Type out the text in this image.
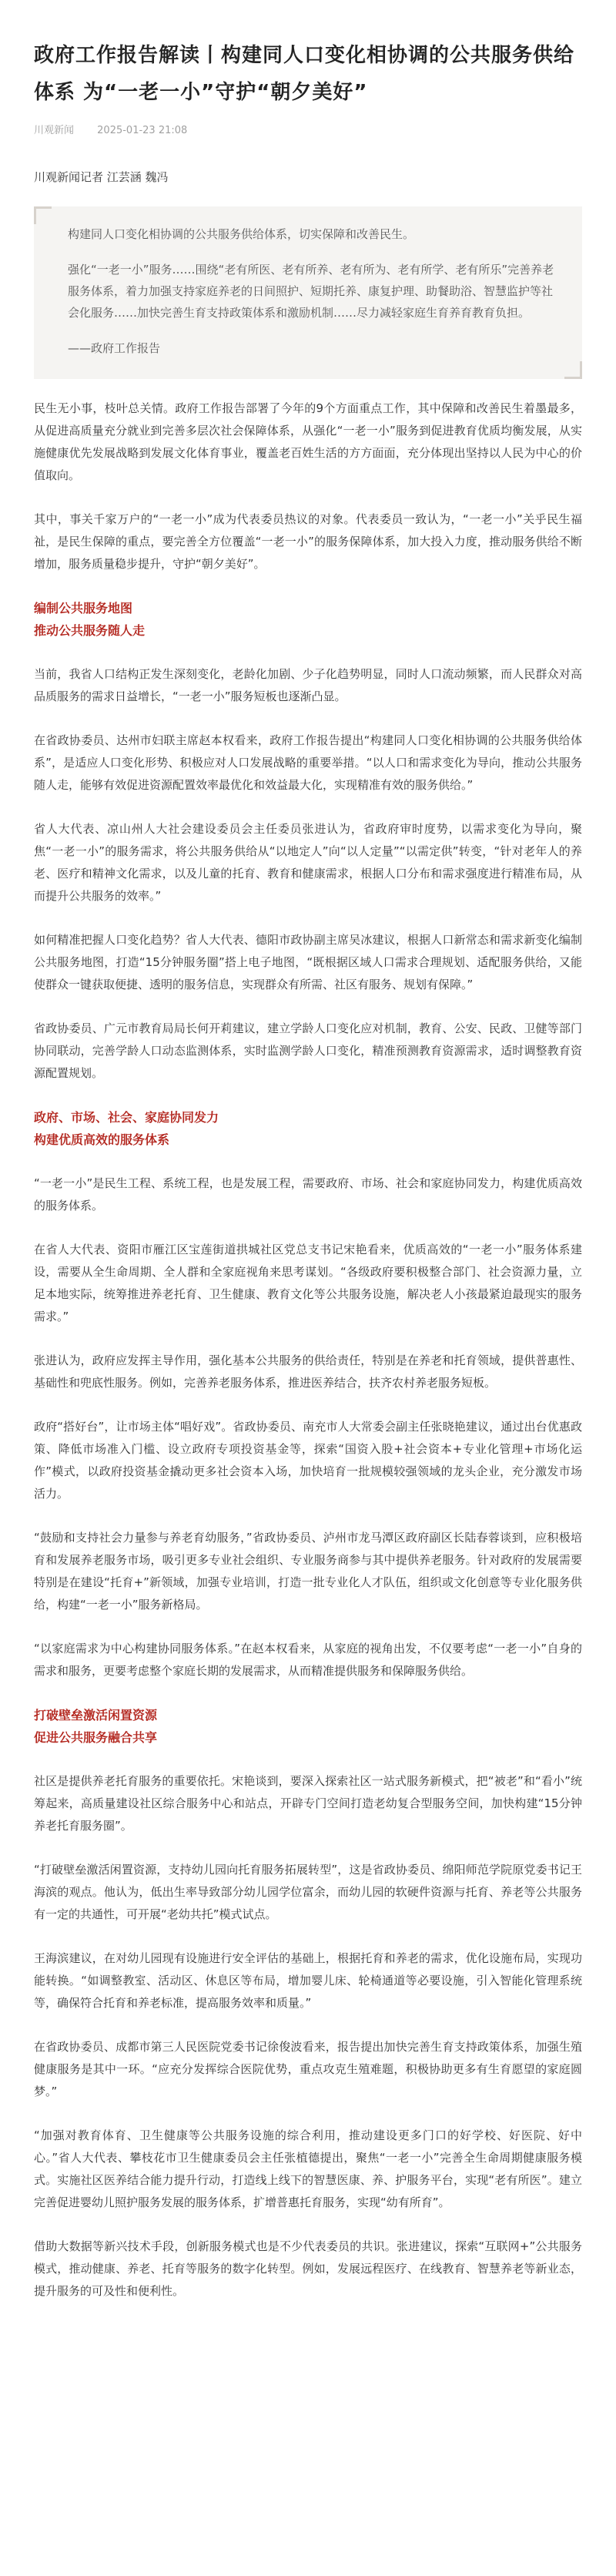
政府工作报告解读丨构建同人口变化相协调的公共服务供给体系 为“一老一小”守护“朝夕美好”
川观新闻 2025-01-23 21:08
川观新闻记者 江芸涵 魏冯

构建同人口变化相协调的公共服务供给体系，切实保障和改善民生。

强化“一老一小”服务……围绕“老有所医、老有所养、老有所为、老有所学、老有所乐”完善养老服务体系，着力加强支持家庭养老的日间照护、短期托养、康复护理、助餐助浴、智慧监护等社会化服务……加快完善生育支持政策体系和激励机制……尽力减轻家庭生育养育教育负担。

——政府工作报告

民生无小事，枝叶总关情。政府工作报告部署了今年的9个方面重点工作，其中保障和改善民生着墨最多，从促进高质量充分就业到完善多层次社会保障体系，从强化“一老一小”服务到促进教育优质均衡发展，从实施健康优先发展战略到发展文化体育事业，覆盖老百姓生活的方方面面，充分体现出坚持以人民为中心的价值取向。

其中，事关千家万户的“一老一小”成为代表委员热议的对象。代表委员一致认为，“一老一小”关乎民生福祉，是民生保障的重点，要完善全方位覆盖“一老一小”的服务保障体系，加大投入力度，推动服务供给不断增加，服务质量稳步提升，守护“朝夕美好”。

编制公共服务地图
推动公共服务随人走

当前，我省人口结构正发生深刻变化，老龄化加剧、少子化趋势明显，同时人口流动频繁，而人民群众对高品质服务的需求日益增长，“一老一小”服务短板也逐渐凸显。

在省政协委员、达州市妇联主席赵本权看来，政府工作报告提出“构建同人口变化相协调的公共服务供给体系”，是适应人口变化形势、积极应对人口发展战略的重要举措。“以人口和需求变化为导向，推动公共服务随人走，能够有效促进资源配置效率最优化和效益最大化，实现精准有效的服务供给。”

省人大代表、凉山州人大社会建设委员会主任委员张进认为，省政府审时度势，以需求变化为导向，聚焦“一老一小”的服务需求，将公共服务供给从“以地定人”向“以人定量”“以需定供”转变，“针对老年人的养老、医疗和精神文化需求，以及儿童的托育、教育和健康需求，根据人口分布和需求强度进行精准布局，从而提升公共服务的效率。”

如何精准把握人口变化趋势？省人大代表、德阳市政协副主席吴冰建议，根据人口新常态和需求新变化编制公共服务地图，打造“15分钟服务圈”搭上电子地图，“既根据区域人口需求合理规划、适配服务供给，又能使群众一键获取便捷、透明的服务信息，实现群众有所需、社区有服务、规划有保障。”

省政协委员、广元市教育局局长何开莉建议，建立学龄人口变化应对机制，教育、公安、民政、卫健等部门协同联动，完善学龄人口动态监测体系，实时监测学龄人口变化，精准预测教育资源需求，适时调整教育资源配置规划。

政府、市场、社会、家庭协同发力
构建优质高效的服务体系

“一老一小”是民生工程、系统工程，也是发展工程，需要政府、市场、社会和家庭协同发力，构建优质高效的服务体系。

在省人大代表、资阳市雁江区宝莲街道拱城社区党总支书记宋艳看来，优质高效的“一老一小”服务体系建设，需要从全生命周期、全人群和全家庭视角来思考谋划。“各级政府要积极整合部门、社会资源力量，立足本地实际，统筹推进养老托育、卫生健康、教育文化等公共服务设施，解决老人小孩最紧迫最现实的服务需求。”

张进认为，政府应发挥主导作用，强化基本公共服务的供给责任，特别是在养老和托育领域，提供普惠性、基础性和兜底性服务。例如，完善养老服务体系，推进医养结合，扶齐农村养老服务短板。

政府“搭好台”，让市场主体“唱好戏”。省政协委员、南充市人大常委会副主任张晓艳建议，通过出台优惠政策、降低市场准入门槛、设立政府专项投资基金等，探索“国资入股+社会资本+专业化管理+市场化运作”模式，以政府投资基金撬动更多社会资本入场，加快培育一批规模较强领域的龙头企业，充分激发市场活力。

“鼓励和支持社会力量参与养老育幼服务，”省政协委员、泸州市龙马潭区政府副区长陆春蓉谈到，应积极培育和发展养老服务市场，吸引更多专业社会组织、专业服务商参与其中提供养老服务。针对政府的发展需要特别是在建设“托育+”新领域，加强专业培训，打造一批专业化人才队伍，组织或文化创意等专业化服务供给，构建“一老一小”服务新格局。

“以家庭需求为中心构建协同服务体系。”在赵本权看来，从家庭的视角出发，不仅要考虑“一老一小”自身的需求和服务，更要考虑整个家庭长期的发展需求，从而精准提供服务和保障服务供给。

打破壁垒激活闲置资源
促进公共服务融合共享

社区是提供养老托育服务的重要依托。宋艳谈到，要深入探索社区一站式服务新模式，把“被老”和“看小”统筹起来，高质量建设社区综合服务中心和站点，开辟专门空间打造老幼复合型服务空间，加快构建“15分钟养老托育服务圈”。

“打破壁垒激活闲置资源，支持幼儿园向托育服务拓展转型”，这是省政协委员、绵阳师范学院原党委书记王海滨的观点。他认为，低出生率导致部分幼儿园学位富余，而幼儿园的软硬件资源与托育、养老等公共服务有一定的共通性，可开展“老幼共托”模式试点。

王海滨建议，在对幼儿园现有设施进行安全评估的基础上，根据托育和养老的需求，优化设施布局，实现功能转换。“如调整教室、活动区、休息区等布局，增加婴儿床、轮椅通道等必要设施，引入智能化管理系统等，确保符合托育和养老标准，提高服务效率和质量。”

在省政协委员、成都市第三人民医院党委书记徐俊波看来，报告提出加快完善生育支持政策体系，加强生殖健康服务是其中一环。“应充分发挥综合医院优势，重点攻克生殖难题，积极协助更多有生育愿望的家庭圆梦。”

“加强对教育体育、卫生健康等公共服务设施的综合利用，推动建设更多门口的好学校、好医院、好中心。”省人大代表、攀枝花市卫生健康委员会主任张植德提出，聚焦“一老一小”完善全生命周期健康服务模式。实施社区医养结合能力提升行动，打造线上线下的智慧医康、养、护服务平台，实现“老有所医”。建立完善促进婴幼儿照护服务发展的服务体系，扩增普惠托育服务，实现“幼有所育”。

借助大数据等新兴技术手段，创新服务模式也是不少代表委员的共识。张进建议，探索“互联网+”公共服务模式，推动健康、养老、托育等服务的数字化转型。例如，发展远程医疗、在线教育、智慧养老等新业态，提升服务的可及性和便利性。
